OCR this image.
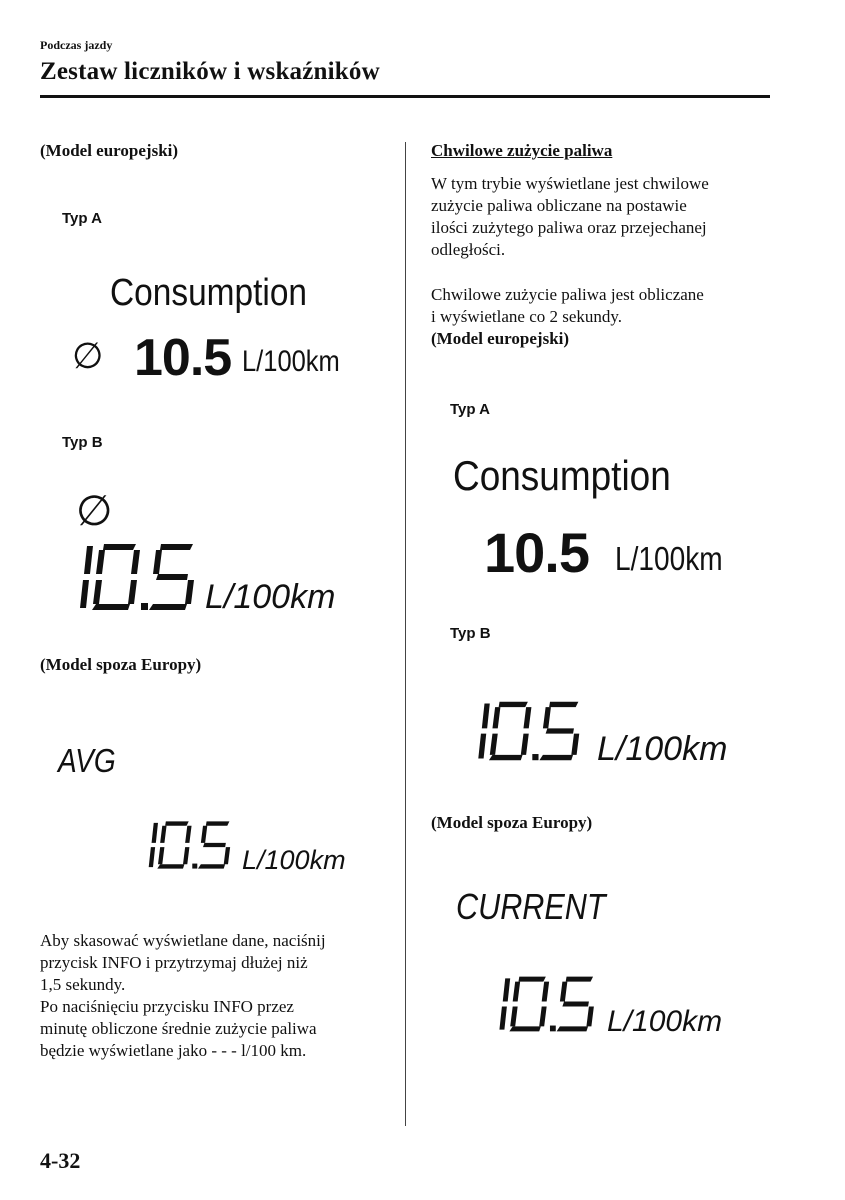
Podczas jazdy
Zestaw liczników i wskaźników
(Model europejski)
Typ A
Consumption
∅ 10.5 L/100km
Typ B
∅
L/100km
(Model spoza Europy)
AVG
L/100km
Aby skasować wyświetlane dane, naciśnij
przycisk INFO i przytrzymaj dłużej niż
1,5 sekundy.
Po naciśnięciu przycisku INFO przez
minutę obliczone średnie zużycie paliwa
będzie wyświetlane jako - - - l/100 km.
Chwilowe zużycie paliwa
W tym trybie wyświetlane jest chwilowe
zużycie paliwa obliczane na postawie
ilości zużytego paliwa oraz przejechanej
odległości.
Chwilowe zużycie paliwa jest obliczane
i wyświetlane co 2 sekundy.
(Model europejski)
Typ A
Consumption
10.5 L/100km
Typ B
L/100km
(Model spoza Europy)
CURRENT
L/100km
4-32
